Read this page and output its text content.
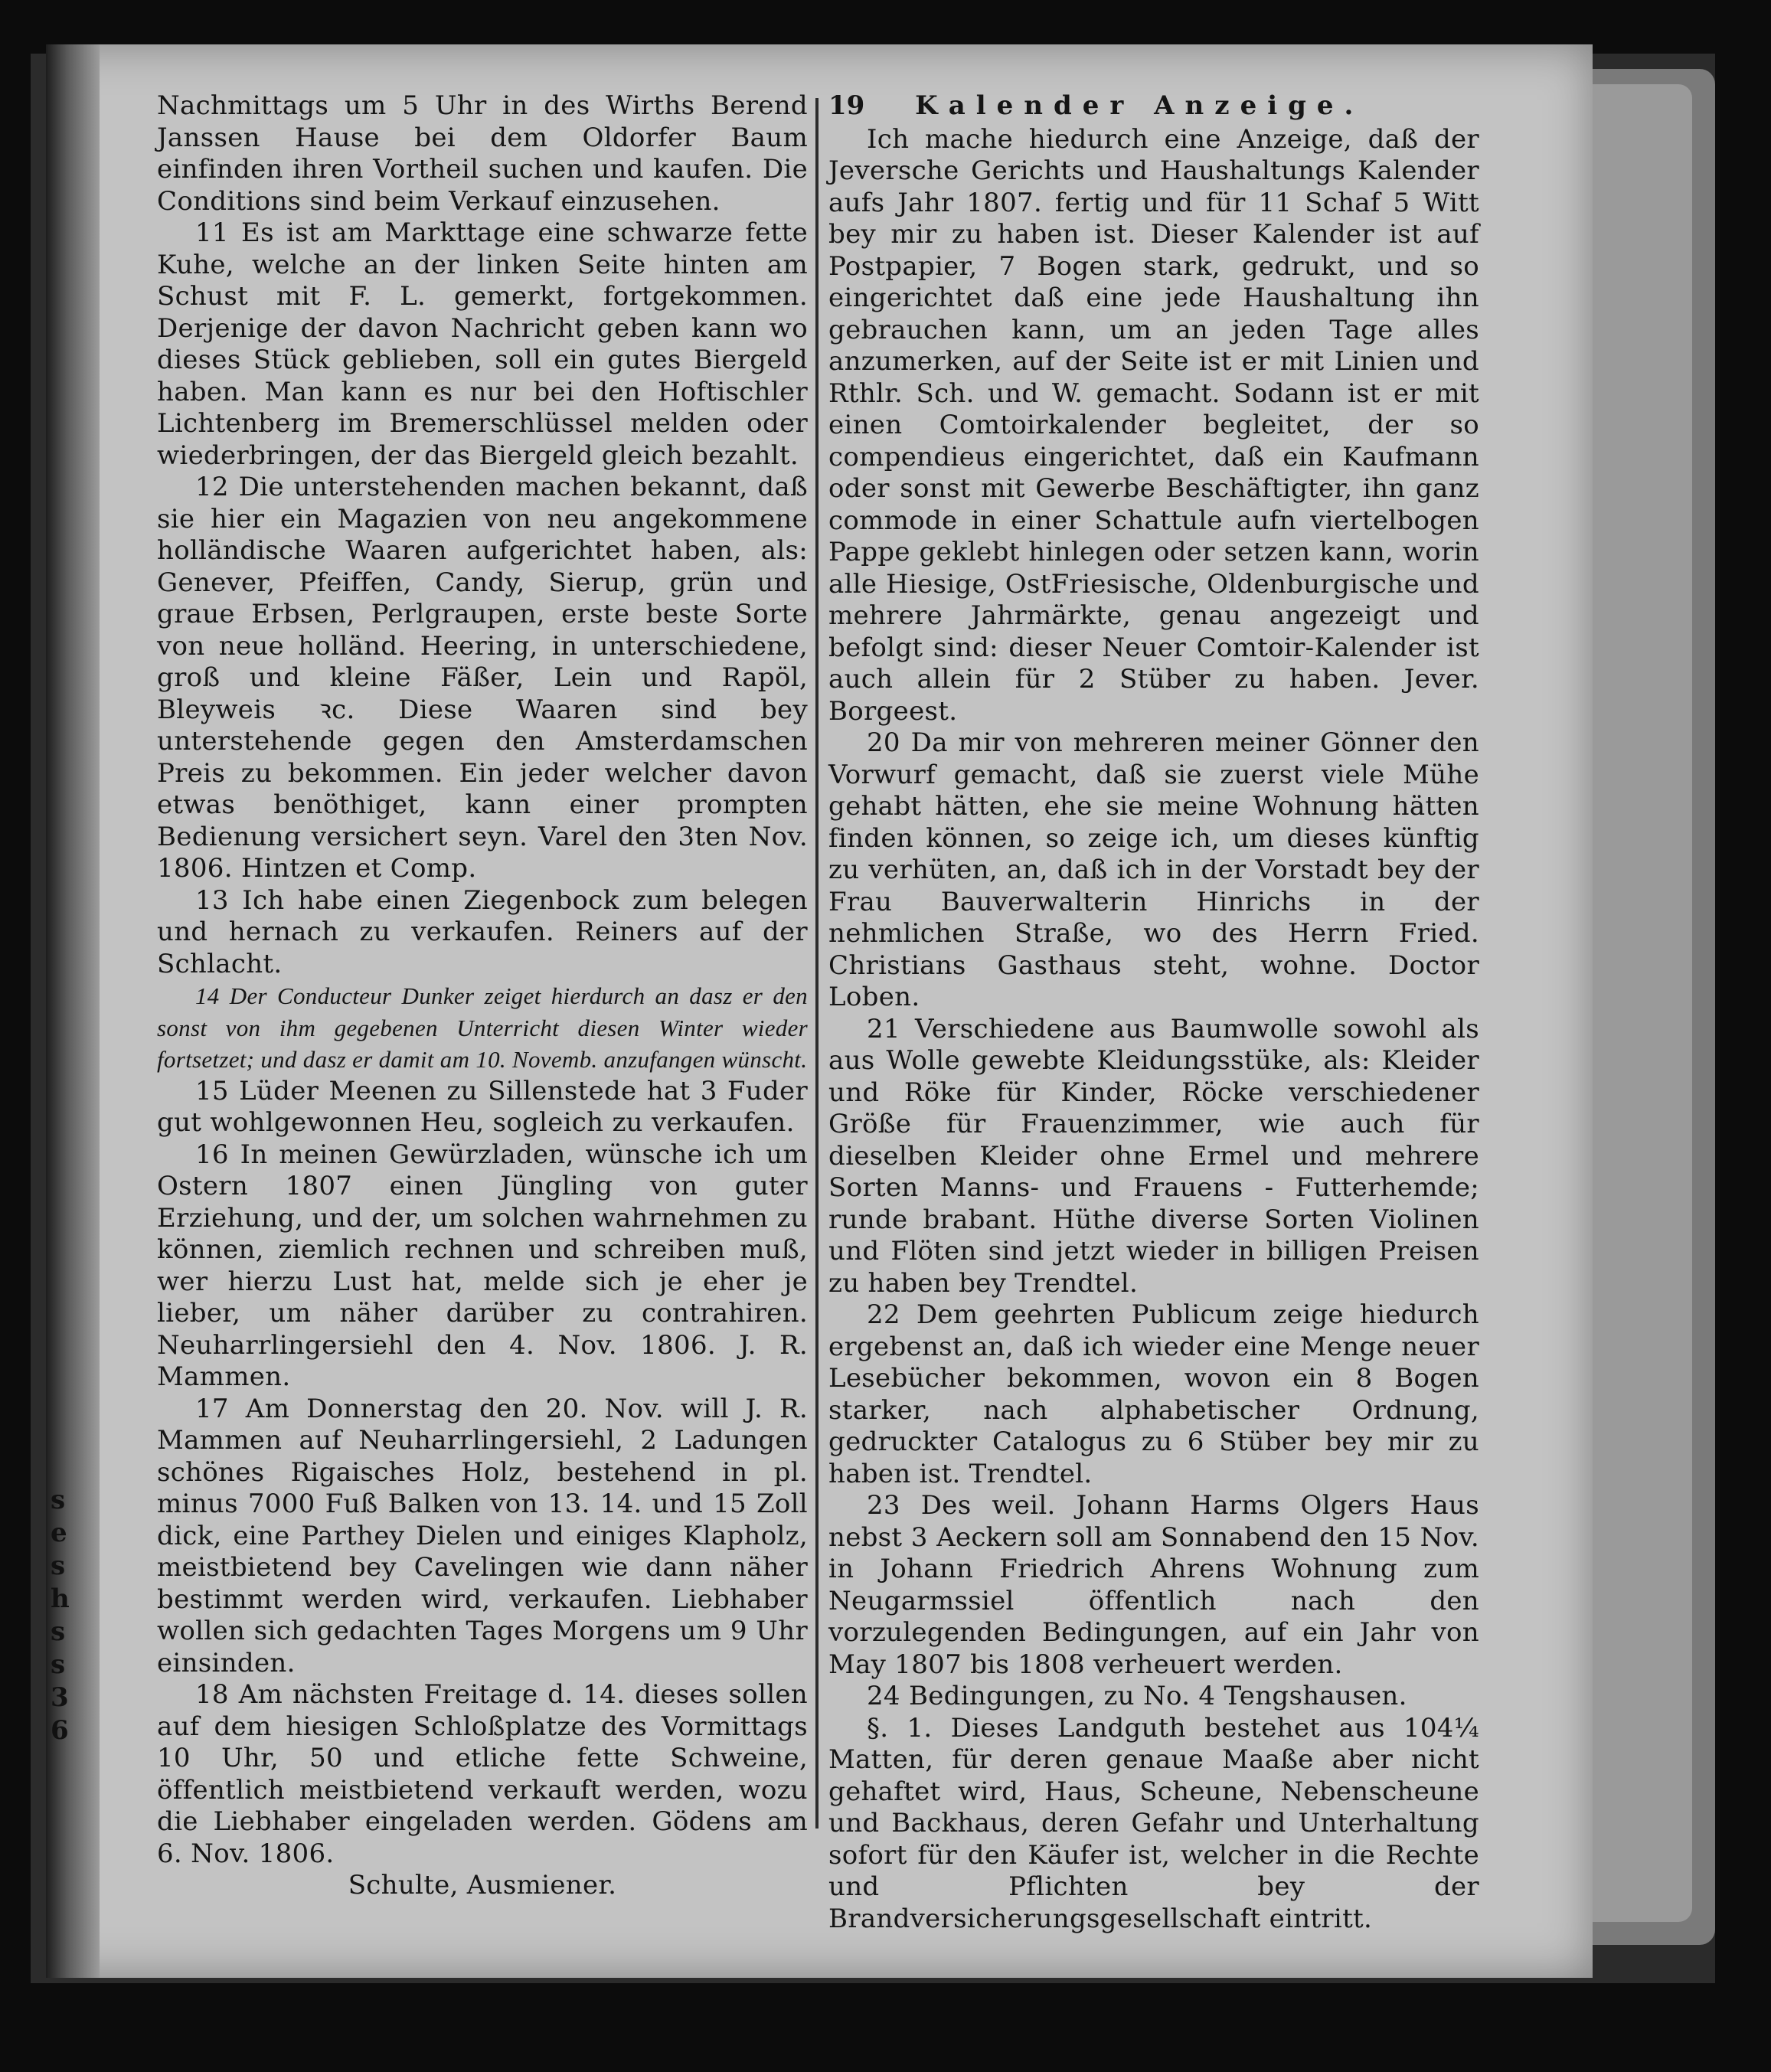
s
e
s
h
s
s
3
6

Nachmittags um 5 Uhr in des Wirths Berend Janssen Hause bei dem Oldorfer Baum einfinden ihren Vortheil suchen und kaufen. Die Conditions sind beim Verkauf einzusehen.

11 Es ist am Markttage eine schwarze fette Kuhe, welche an der linken Seite hinten am Schust mit F. L. gemerkt, fortgekommen. Derjenige der davon Nachricht geben kann wo dieses Stück geblieben, soll ein gutes Biergeld haben. Man kann es nur bei den Hoftischler Lichtenberg im Bremerschlüssel melden oder wiederbringen, der das Biergeld gleich bezahlt.

12 Die unterstehenden machen bekannt, daß sie hier ein Magazien von neu angekommene holländische Waaren aufgerichtet haben, als: Genever, Pfeiffen, Candy, Sierup, grün und graue Erbsen, Perlgraupen, erste beste Sorte von neue holländ. Heering, in unterschiedene, groß und kleine Fäßer, Lein und Rapöl, Bleyweis ꝛc. Diese Waaren sind bey unterstehende gegen den Amsterdamschen Preis zu bekommen. Ein jeder welcher davon etwas benöthiget, kann einer prompten Bedienung versichert seyn. Varel den 3ten Nov. 1806. Hintzen et Comp.

13 Ich habe einen Ziegenbock zum belegen und hernach zu verkaufen. Reiners auf der Schlacht.

14 Der Conducteur Dunker zeiget hierdurch an dasz er den sonst von ihm gegebenen Unterricht diesen Winter wieder fortsetzet; und dasz er damit am 10. Novemb. anzufangen wünscht.

15 Lüder Meenen zu Sillenstede hat 3 Fuder gut wohlgewonnen Heu, sogleich zu verkaufen.

16 In meinen Gewürzladen, wünsche ich um Ostern 1807 einen Jüngling von guter Erziehung, und der, um solchen wahrnehmen zu können, ziemlich rechnen und schreiben muß, wer hierzu Lust hat, melde sich je eher je lieber, um näher darüber zu contrahiren. Neuharrlingersiehl den 4. Nov. 1806. J. R. Mammen.

17 Am Donnerstag den 20. Nov. will J. R. Mammen auf Neuharrlingersiehl, 2 Ladungen schönes Rigaisches Holz, bestehend in pl. minus 7000 Fuß Balken von 13. 14. und 15 Zoll dick, eine Parthey Dielen und einiges Klapholz, meistbietend bey Cavelingen wie dann näher bestimmt werden wird, verkaufen. Liebhaber wollen sich gedachten Tages Morgens um 9 Uhr einsinden.

18 Am nächsten Freitage d. 14. dieses sollen auf dem hiesigen Schloßplatze des Vormittags 10 Uhr, 50 und etliche fette Schweine, öffentlich meistbietend verkauft werden, wozu die Liebhaber eingeladen werden. Gödens am 6. Nov. 1806.

Schulte, Ausmiener.

19 Kalender Anzeige.

Ich mache hiedurch eine Anzeige, daß der Jeversche Gerichts und Haushaltungs Kalender aufs Jahr 1807. fertig und für 11 Schaf 5 Witt bey mir zu haben ist. Dieser Kalender ist auf Postpapier, 7 Bogen stark, gedrukt, und so eingerichtet daß eine jede Haushaltung ihn gebrauchen kann, um an jeden Tage alles anzumerken, auf der Seite ist er mit Linien und Rthlr. Sch. und W. gemacht. Sodann ist er mit einen Comtoirkalender begleitet, der so compendieus eingerichtet, daß ein Kaufmann oder sonst mit Gewerbe Beschäftigter, ihn ganz commode in einer Schattule aufn viertelbogen Pappe geklebt hinlegen oder setzen kann, worin alle Hiesige, OstFriesische, Oldenburgische und mehrere Jahrmärkte, genau angezeigt und befolgt sind: dieser Neuer Comtoir-Kalender ist auch allein für 2 Stüber zu haben. Jever. Borgeest.

20 Da mir von mehreren meiner Gönner den Vorwurf gemacht, daß sie zuerst viele Mühe gehabt hätten, ehe sie meine Wohnung hätten finden können, so zeige ich, um dieses künftig zu verhüten, an, daß ich in der Vorstadt bey der Frau Bauverwalterin Hinrichs in der nehmlichen Straße, wo des Herrn Fried. Christians Gasthaus steht, wohne. Doctor Loben.

21 Verschiedene aus Baumwolle sowohl als aus Wolle gewebte Kleidungsstüke, als: Kleider und Röke für Kinder, Röcke verschiedener Größe für Frauenzimmer, wie auch für dieselben Kleider ohne Ermel und mehrere Sorten Manns- und Frauens - Futterhemde; runde brabant. Hüthe diverse Sorten Violinen und Flöten sind jetzt wieder in billigen Preisen zu haben bey Trendtel.

22 Dem geehrten Publicum zeige hiedurch ergebenst an, daß ich wieder eine Menge neuer Lesebücher bekommen, wovon ein 8 Bogen starker, nach alphabetischer Ordnung, gedruckter Catalogus zu 6 Stüber bey mir zu haben ist. Trendtel.

23 Des weil. Johann Harms Olgers Haus nebst 3 Aeckern soll am Sonnabend den 15 Nov. in Johann Friedrich Ahrens Wohnung zum Neugarmssiel öffentlich nach den vorzulegenden Bedingungen, auf ein Jahr von May 1807 bis 1808 verheuert werden.

24 Bedingungen, zu No. 4 Tengshausen.

§. 1. Dieses Landguth bestehet aus 104¼ Matten, für deren genaue Maaße aber nicht gehaftet wird, Haus, Scheune, Nebenscheune und Backhaus, deren Gefahr und Unterhaltung sofort für den Käufer ist, welcher in die Rechte und Pflichten bey der Brandversicherungsgesellschaft eintritt.
